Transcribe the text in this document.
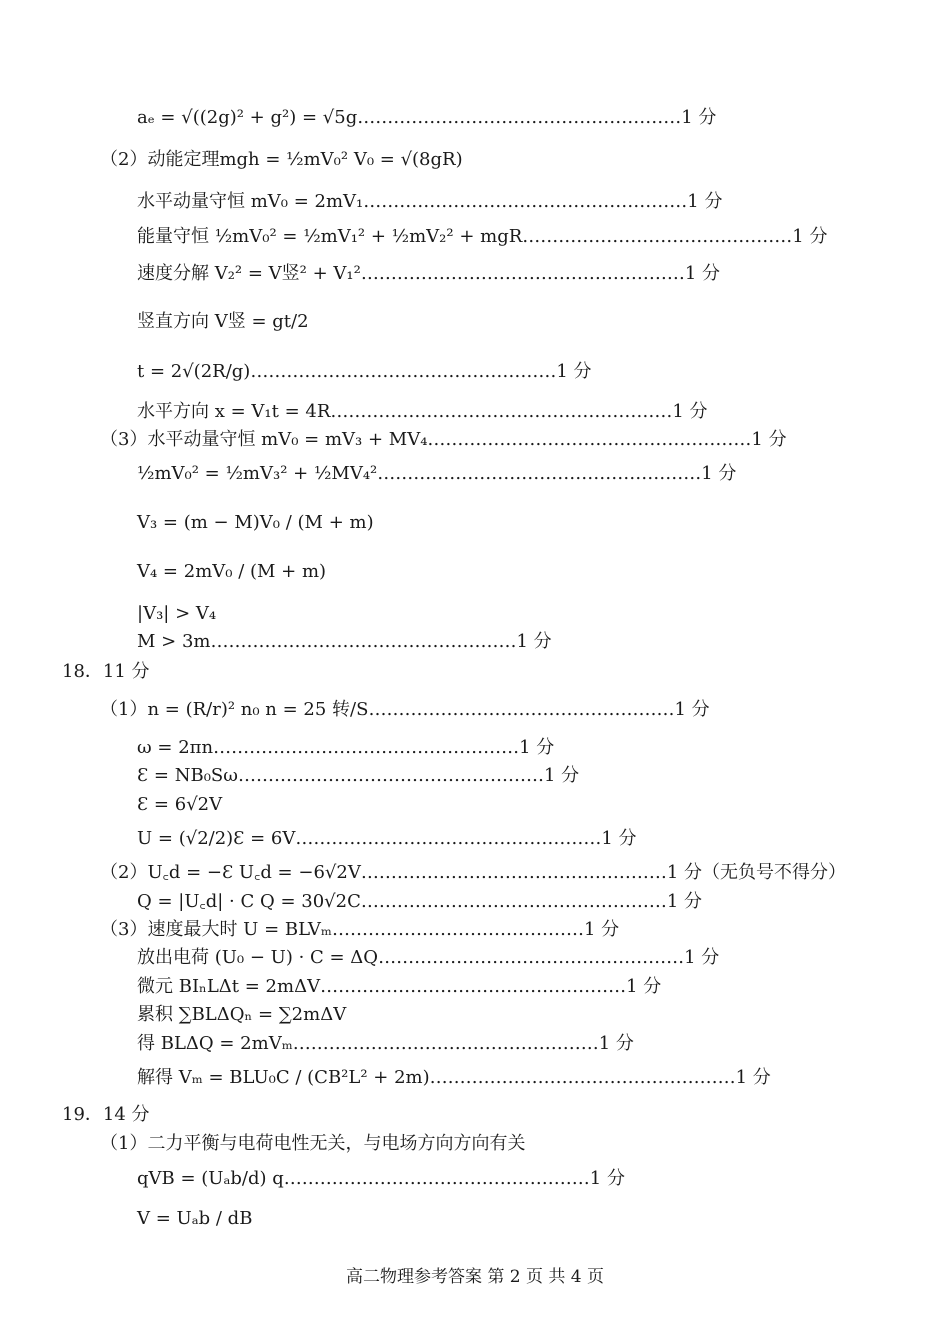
aₑ = √((2g)² + g²) = √5g………………………………………………1 分
（2）动能定理mgh = ½mV₀² V₀ = √(8gR)
水平动量守恒 mV₀ = 2mV₁………………………………………………1 分
能量守恒 ½mV₀² = ½mV₁² + ½mV₂² + mgR………………………………………1 分
速度分解 V₂² = V竖² + V₁²………………………………………………1 分
竖直方向 V竖 = gt/2
t = 2√(2R/g)……………………………………………1 分
水平方向 x = V₁t = 4R…………………………………………………1 分
（3）水平动量守恒 mV₀ = mV₃ + MV₄………………………………………………1 分
½mV₀² = ½mV₃² + ½MV₄²………………………………………………1 分
V₃ = (m − M)V₀ / (M + m)
V₄ = 2mV₀ / (M + m)
|V₃| > V₄
M > 3m……………………………………………1 分
18．11 分
（1）n = (R/r)² n₀ n = 25 转/S……………………………………………1 分
ω = 2πn……………………………………………1 分
Ɛ = NB₀Sω……………………………………………1 分
Ɛ = 6√2V
U = (√2/2)Ɛ = 6V……………………………………………1 分
（2）U꜀d = −Ɛ U꜀d = −6√2V……………………………………………1 分（无负号不得分）
Q = |U꜀d| · C Q = 30√2C……………………………………………1 分
（3）速度最大时 U = BLVₘ……………………………………1 分
放出电荷 (U₀ − U) · C = ΔQ……………………………………………1 分
微元 BIₙLΔt = 2mΔV……………………………………………1 分
累积 ∑BLΔQₙ = ∑2mΔV
得 BLΔQ = 2mVₘ……………………………………………1 分
解得 Vₘ = BLU₀C / (CB²L² + 2m)……………………………………………1 分
19．14 分
（1）二力平衡与电荷电性无关，与电场方向方向有关
qVB = (Uₐb/d) q……………………………………………1 分
V = Uₐb / dB
高二物理参考答案 第 2 页 共 4 页
